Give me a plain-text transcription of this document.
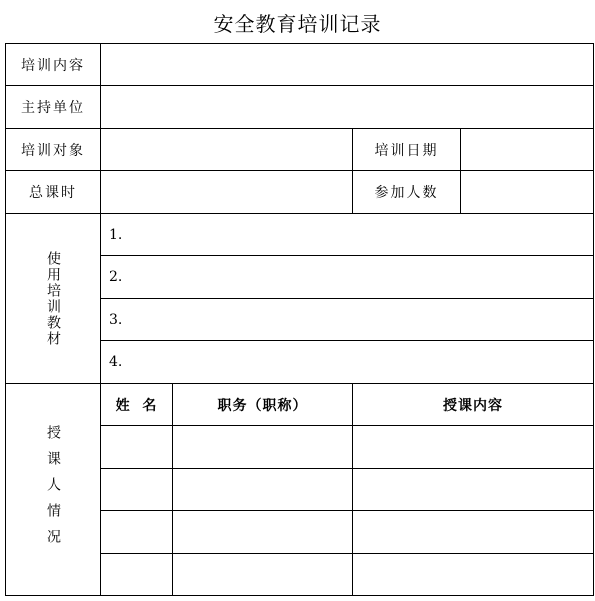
安全教育培训记录
培训内容				
主持单位				
培训对象			培训日期	
总课时			参加人数	
使用培训教材	1.			
	2.			
	3.			
	4.			
授课人情况	姓  名	职务（职称）	授课内容	
